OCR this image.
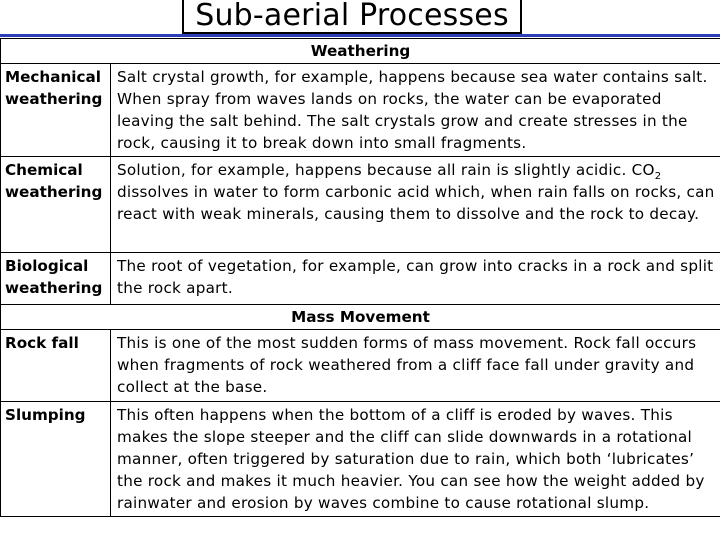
Sub-aerial Processes
Weathering	
Mechanical weathering	Salt crystal growth, for example, happens because sea water contains salt. When spray from waves lands on rocks, the water can be evaporated leaving the salt behind. The salt crystals grow and create stresses in the rock, causing it to break down into small fragments.
Chemical weathering	Solution, for example, happens because all rain is slightly acidic. $CO_2$ dissolves in water to form carbonic acid which, when rain falls on rocks, can react with weak minerals, causing them to dissolve and the rock to decay.
Biological weathering	The root of vegetation, for example, can grow into cracks in a rock and split the rock apart.
Mass Movement	
Rock fall	This is one of the most sudden forms of mass movement. Rock fall occurs when fragments of rock weathered from a cliff face fall under gravity and collect at the base.
Slumping	This often happens when the bottom of a cliff is eroded by waves. This makes the slope steeper and the cliff can slide downwards in a rotational manner, often triggered by saturation due to rain, which both ‘lubricates’ the rock and makes it much heavier. You can see how the weight added by rainwater and erosion by waves combine to cause rotational slump.
